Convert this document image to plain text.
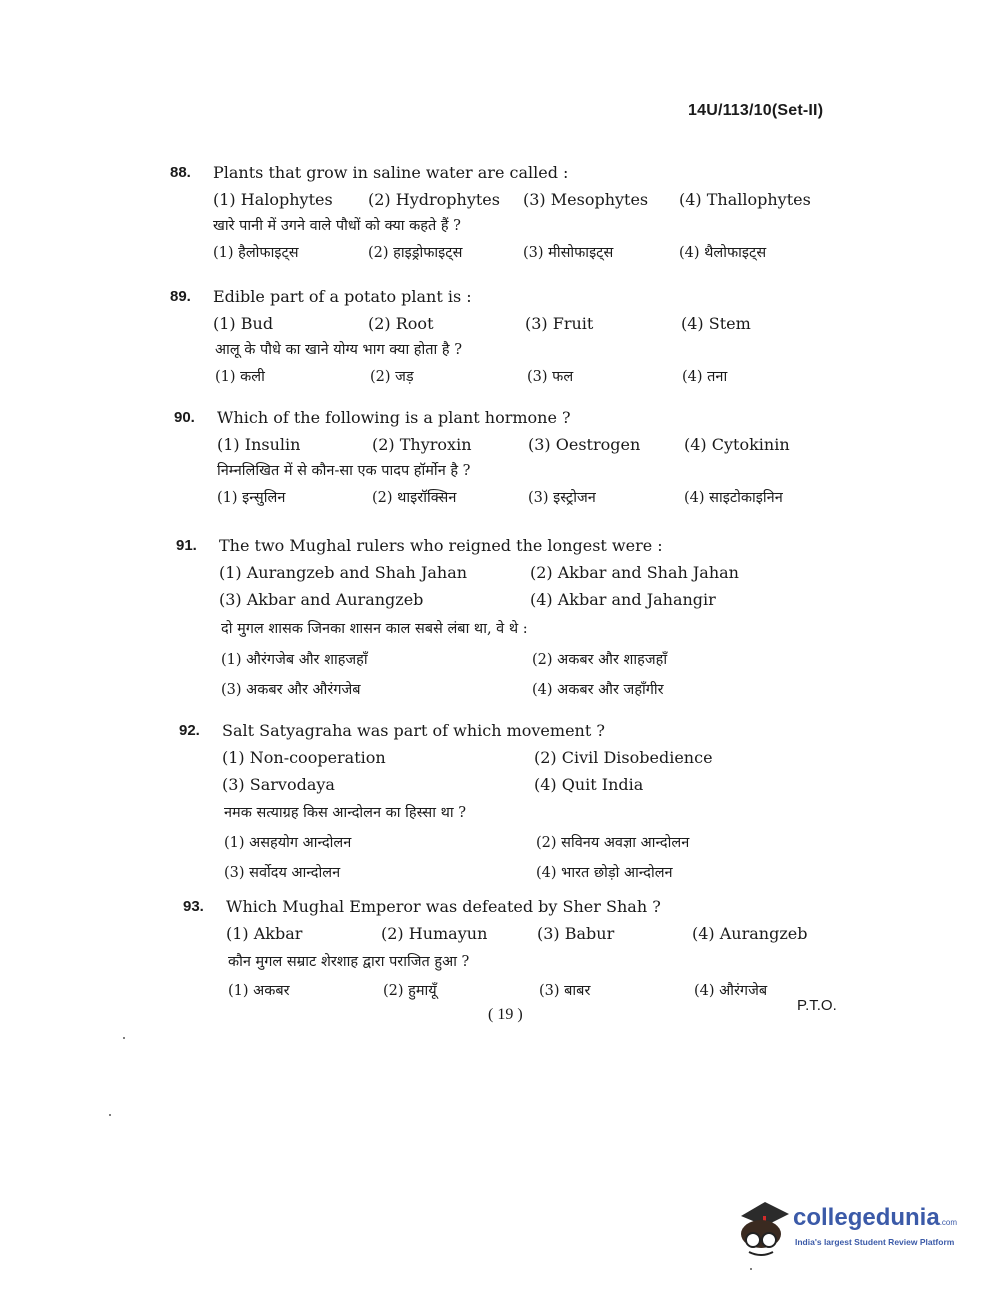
14U/113/10(Set-II)
88. Plants that grow in saline water are called :
(1) Halophytes (2) Hydrophytes (3) Mesophytes (4) Thallophytes
खारे पानी में उगने वाले पौधों को क्या कहते हैं ?
(1) हैलोफाइट्स	(2) हाइड्रोफाइट्स	(3) मीसोफाइट्स	(4) थैलोफाइट्स
89. Edible part of a potato plant is :
(1) Bud	(2) Root	(3) Fruit	(4) Stem
आलू के पौधे का खाने योग्य भाग क्या होता है ?
(1) कली	(2) जड़	(3) फल	(4) तना
90. Which of the following is a plant hormone ?
(1) Insulin	(2) Thyroxin	(3) Oestrogen	(4) Cytokinin
निम्नलिखित में से कौन-सा एक पादप हॉर्मोन है ?
(1) इन्सुलिन	(2) थाइरॉक्सिन	(3) इस्ट्रोजन	(4) साइटोकाइनिन
91. The two Mughal rulers who reigned the longest were :
(1) Aurangzeb and Shah Jahan	(2) Akbar and Shah Jahan
(3) Akbar and Aurangzeb	(4) Akbar and Jahangir
दो मुगल शासक जिनका शासन काल सबसे लंबा था, वे थे :
(1) औरंगजेब और शाहजहाँ	(2) अकबर और शाहजहाँ
(3) अकबर और औरंगजेब	(4) अकबर और जहाँगीर
92. Salt Satyagraha was part of which movement ?
(1) Non-cooperation	(2) Civil Disobedience
(3) Sarvodaya	(4) Quit India
नमक सत्याग्रह किस आन्दोलन का हिस्सा था ?
(1) असहयोग आन्दोलन	(2) सविनय अवज्ञा आन्दोलन
(3) सर्वोदय आन्दोलन	(4) भारत छोड़ो आन्दोलन
93. Which Mughal Emperor was defeated by Sher Shah ?
(1) Akbar	(2) Humayun	(3) Babur	(4) Aurangzeb
कौन मुगल सम्राट शेरशाह द्वारा पराजित हुआ ?
(1) अकबर	(2) हुमायूँ	(3) बाबर	(4) औरंगजेब
( 19 )
P.T.O.
collegedunia.com
India's largest Student Review Platform
